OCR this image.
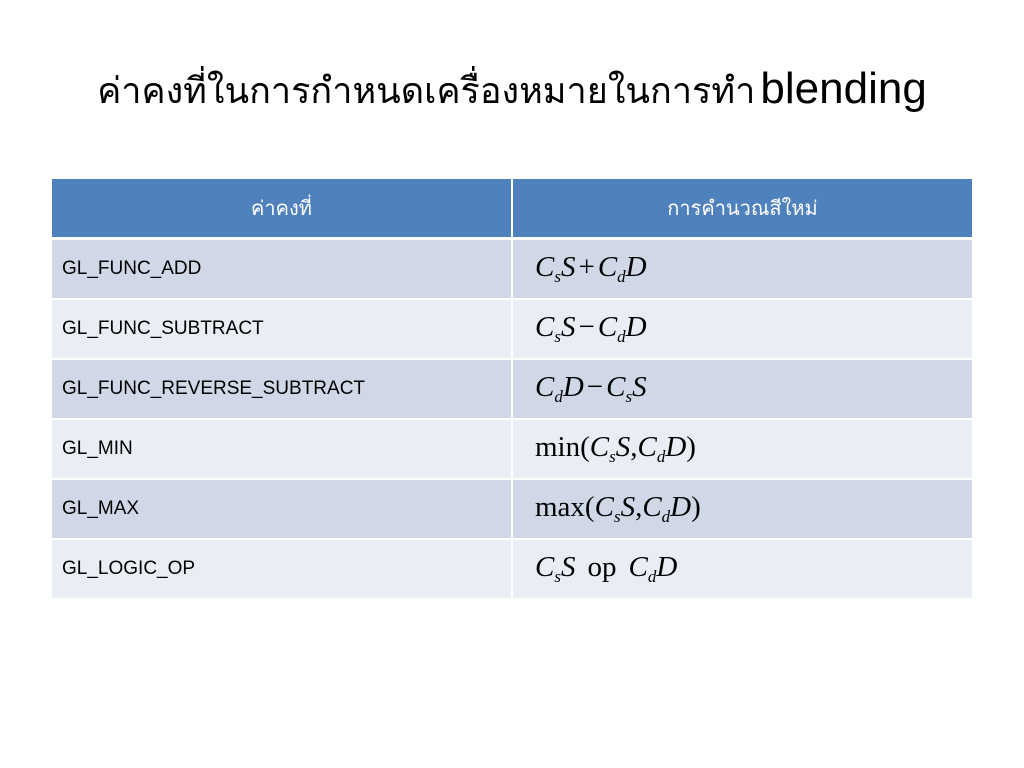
ค่าคงที่ในการกำหนดเครื่องหมายในการทำ blending
ค่าคงที่	การคำนวณสีใหม่
GL_FUNC_ADD	$C_sS + C_dD$
GL_FUNC_SUBTRACT	$C_sS - C_dD$
GL_FUNC_REVERSE_SUBTRACT	$C_dD - C_sS$
GL_MIN	$\min(C_sS,C_dD)$
GL_MAX	$\max(C_sS,C_dD)$
GL_LOGIC_OP	$C_sS$ op $C_dD$
